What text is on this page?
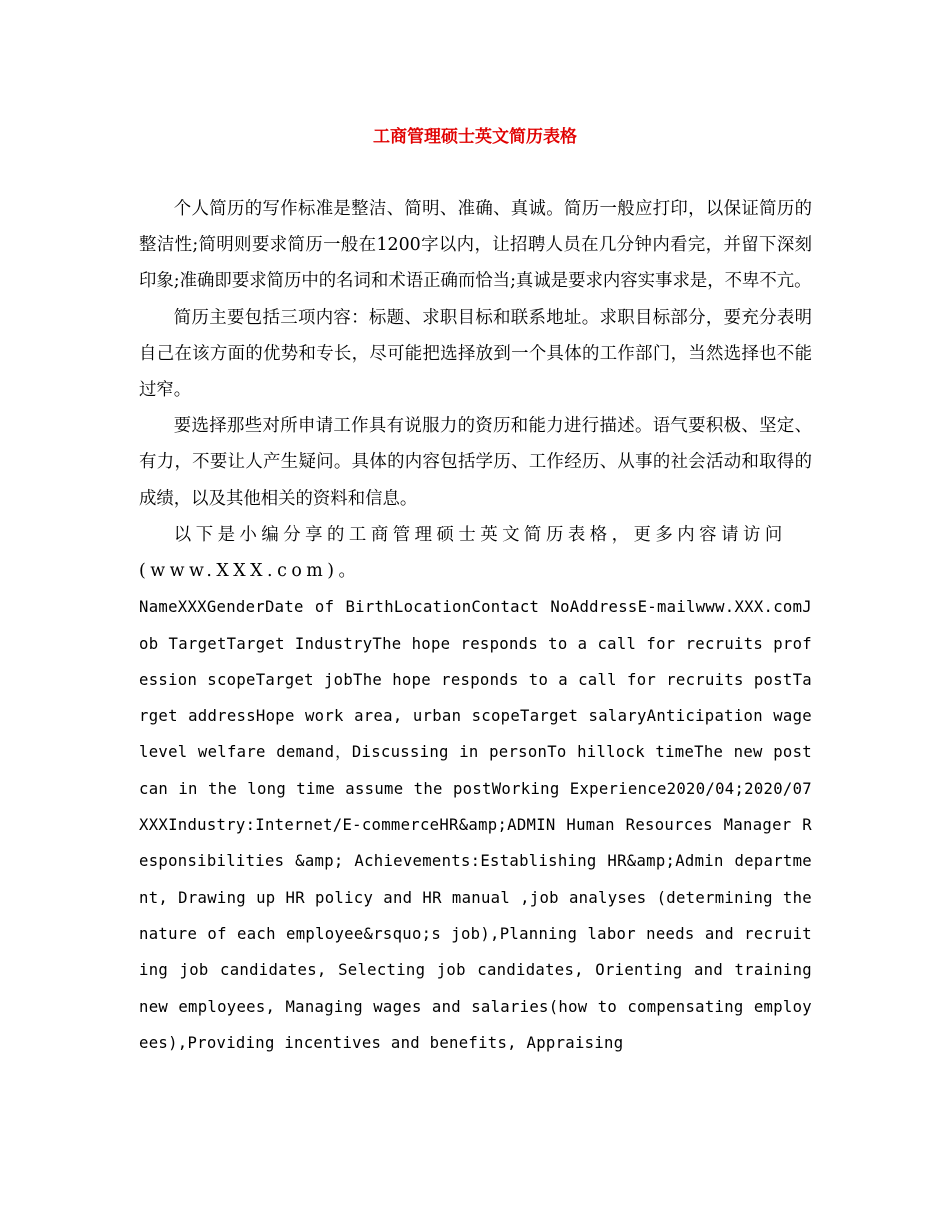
工商管理硕士英文简历表格

个人简历的写作标准是整洁、简明、准确、真诚。简历一般应打印，以保证简历的整洁性;简明则要求简历一般在1200字以内，让招聘人员在几分钟内看完，并留下深刻印象;准确即要求简历中的名词和术语正确而恰当;真诚是要求内容实事求是，不卑不亢。

简历主要包括三项内容：标题、求职目标和联系地址。求职目标部分，要充分表明自己在该方面的优势和专长，尽可能把选择放到一个具体的工作部门，当然选择也不能过窄。

要选择那些对所申请工作具有说服力的资历和能力进行描述。语气要积极、坚定、有力，不要让人产生疑问。具体的内容包括学历、工作经历、从事的社会活动和取得的成绩，以及其他相关的资料和信息。

以下是小编分享的工商管理硕士英文简历表格，更多内容请访问(www.XXX.com)。

NameXXXGenderDate of BirthLocationContact NoAddressE-mailwww.XXX.comJob TargetTarget IndustryThe hope responds to a call for recruits profession scopeTarget jobThe hope responds to a call for recruits postTarget addressHope work area, urban scopeTarget salaryAnticipation wage level welfare demand，Discussing in personTo hillock timeThe new post can in the long time assume the postWorking Experience2020/04;2020/07XXXIndustry:Internet/E-commerceHR&amp;ADMIN Human Resources Manager Responsibilities &amp; Achievements:Establishing HR&amp;Admin department, Drawing up HR policy and HR manual ,job analyses (determining the nature of each employee&rsquo;s job),Planning labor needs and recruiting job candidates, Selecting job candidates, Orienting and training new employees, Managing wages and salaries(how to compensating employees),Providing incentives and benefits, Appraising
